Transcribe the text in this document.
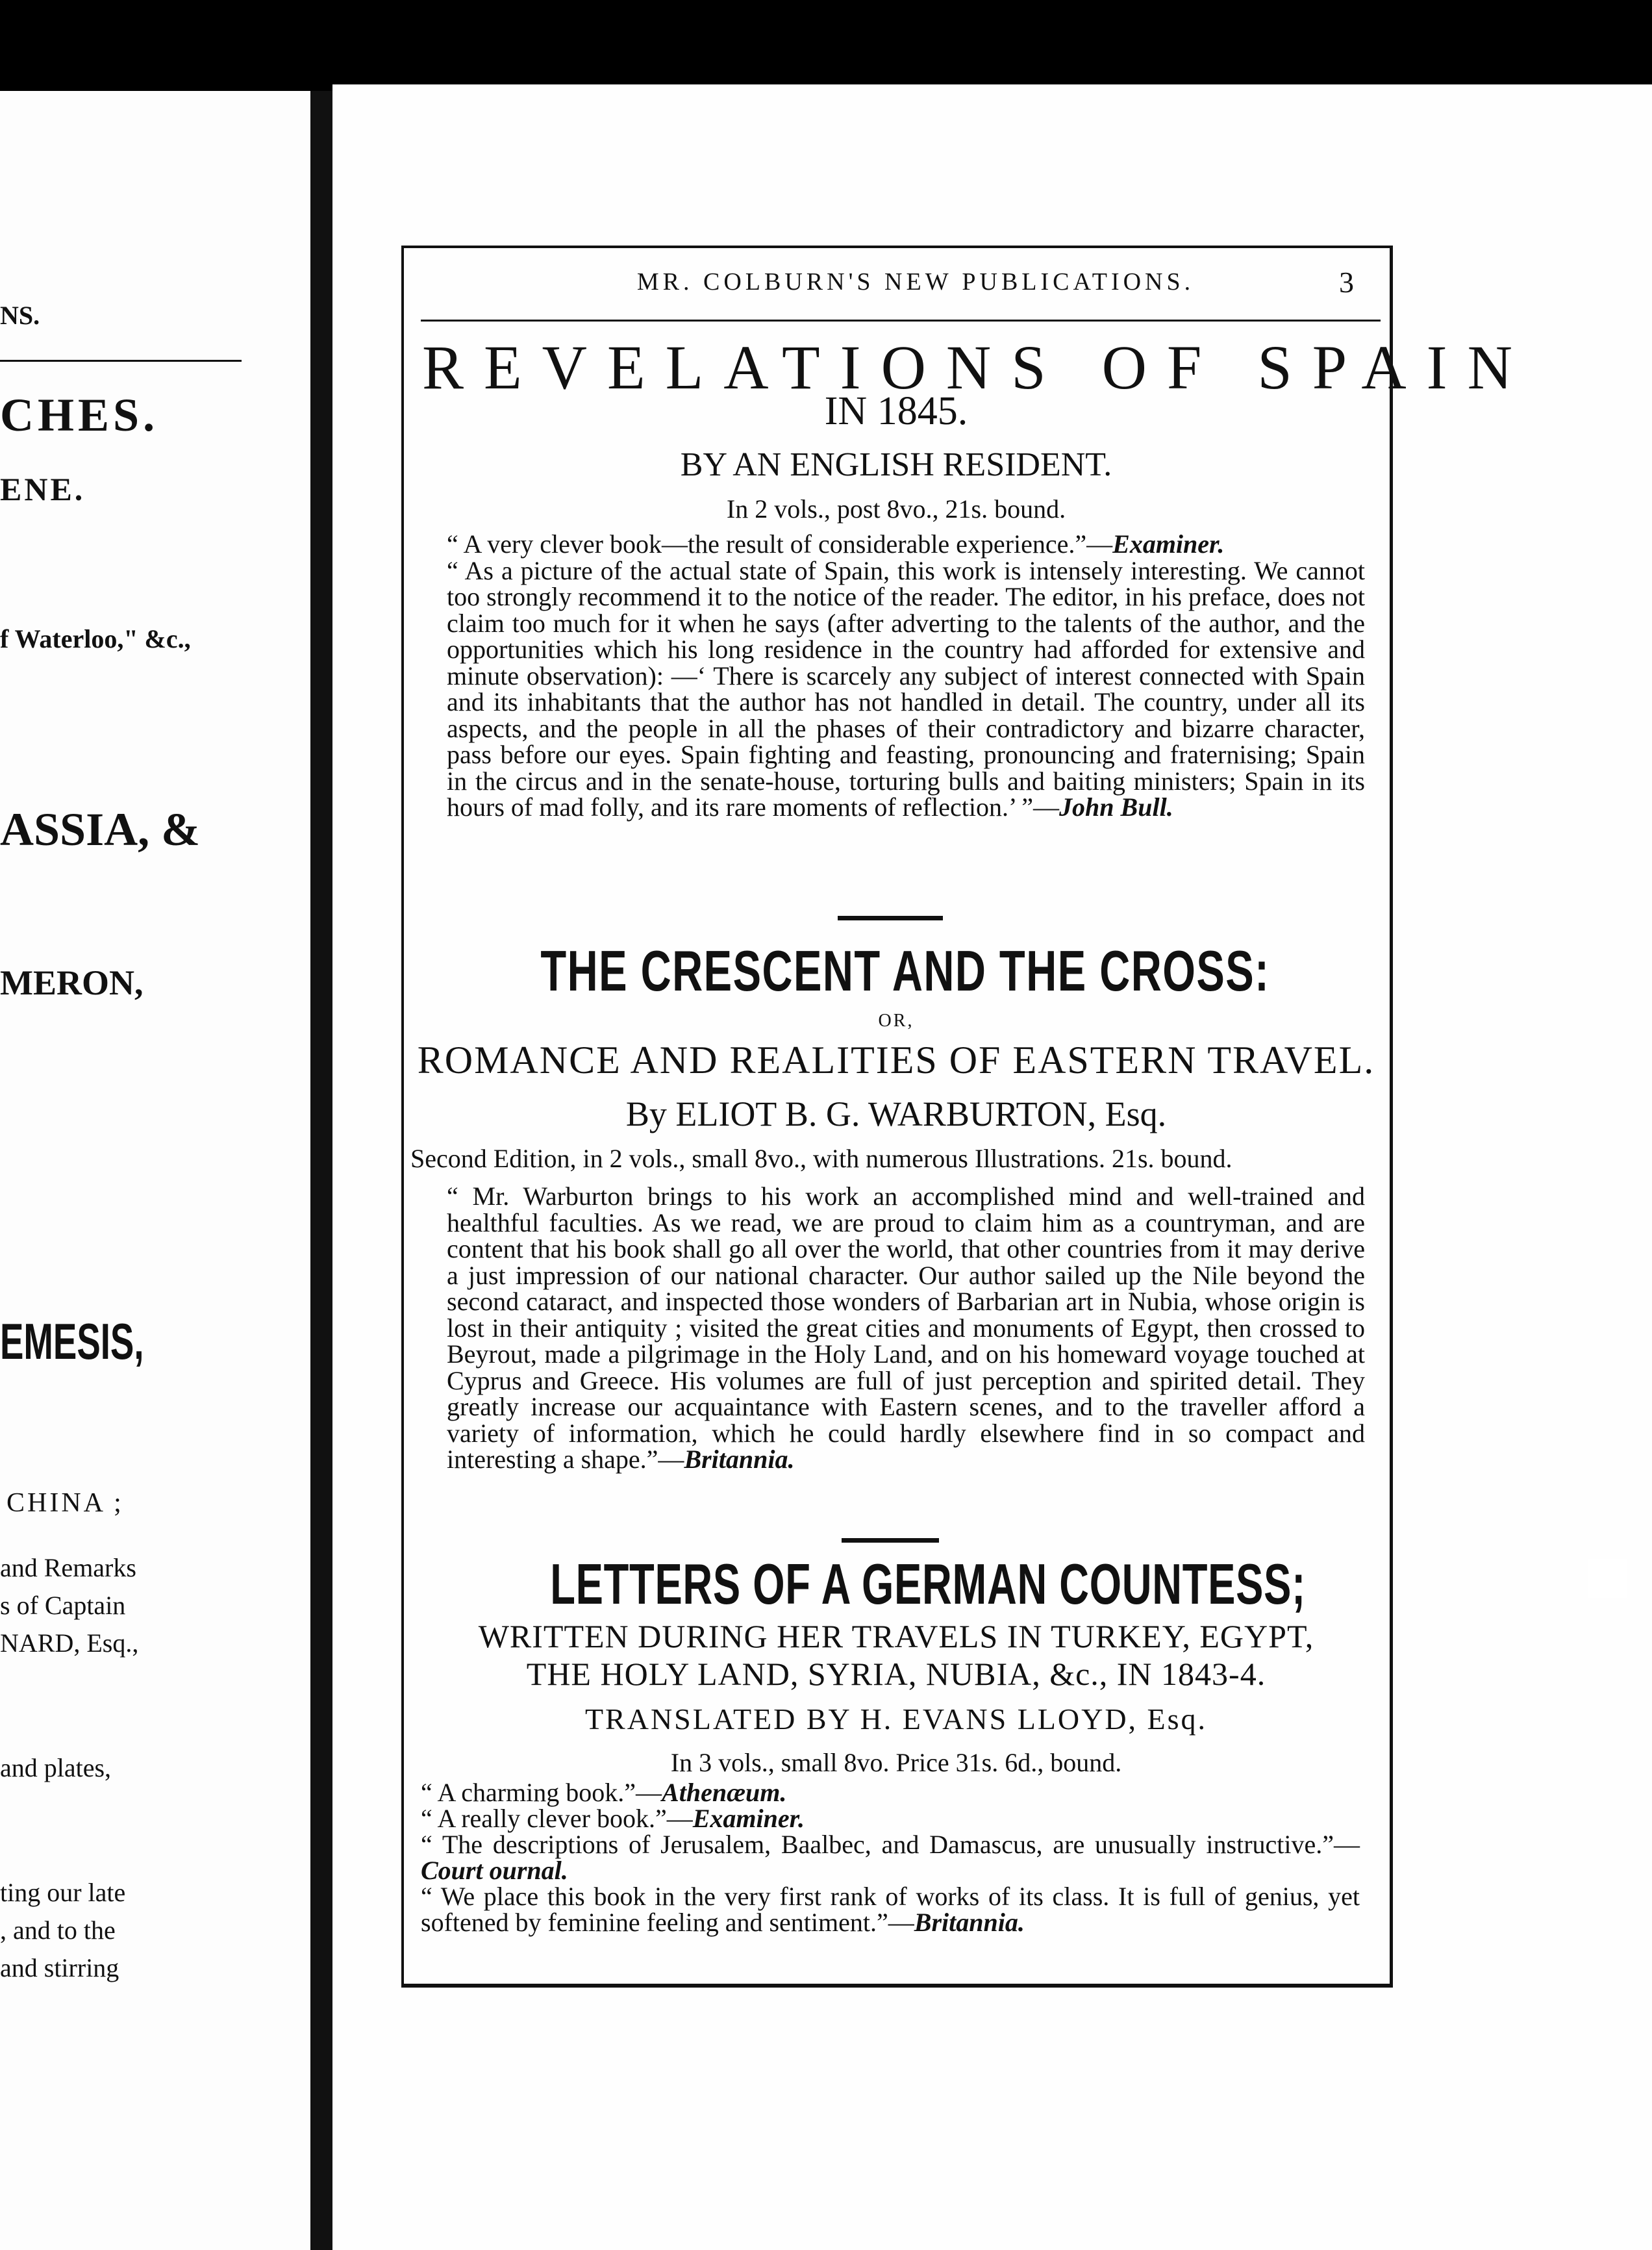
NS.
CHES.
ENE.
f Waterloo," &c.,
ASSIA, &
MERON,
EMESIS,
CHINA ;
and Remarks
s of Captain
NARD, Esq.,
and plates,
ting our late
, and to the
and stirring
MR. COLBURN'S NEW PUBLICATIONS.	3
REVELATIONS OF SPAIN
IN 1845.
BY AN ENGLISH RESIDENT.
In 2 vols., post 8vo., 21s. bound.
“ A very clever book—the result of considerable experience.”—Examiner.
“ As a picture of the actual state of Spain, this work is intensely interesting. We cannot too strongly recommend it to the notice of the reader. The editor, in his preface, does not claim too much for it when he says (after adverting to the talents of the author, and the opportunities which his long residence in the country had afforded for extensive and minute observation): —‘ There is scarcely any subject of interest connected with Spain and its inhabitants that the author has not handled in detail. The country, under all its aspects, and the people in all the phases of their contradictory and bizarre character, pass before our eyes. Spain fighting and feasting, pronouncing and fraternising; Spain in the circus and in the senate-house, torturing bulls and baiting ministers; Spain in its hours of mad folly, and its rare moments of reflection.’ ”—John Bull.
THE CRESCENT AND THE CROSS:
OR,
ROMANCE AND REALITIES OF EASTERN TRAVEL.
By ELIOT B. G. WARBURTON, Esq.
Second Edition, in 2 vols., small 8vo., with numerous Illustrations. 21s. bound.
“ Mr. Warburton brings to his work an accomplished mind and well-trained and healthful faculties. As we read, we are proud to claim him as a countryman, and are content that his book shall go all over the world, that other countries from it may derive a just impression of our national character. Our author sailed up the Nile beyond the second cataract, and inspected those wonders of Barbarian art in Nubia, whose origin is lost in their antiquity ; visited the great cities and monuments of Egypt, then crossed to Beyrout, made a pilgrimage in the Holy Land, and on his homeward voyage touched at Cyprus and Greece. His volumes are full of just perception and spirited detail. They greatly increase our acquaintance with Eastern scenes, and to the traveller afford a variety of information, which he could hardly elsewhere find in so compact and interesting a shape.”—Britannia.
LETTERS OF A GERMAN COUNTESS;
WRITTEN DURING HER TRAVELS IN TURKEY, EGYPT,
THE HOLY LAND, SYRIA, NUBIA, &c., IN 1843-4.
TRANSLATED BY H. EVANS LLOYD, Esq.
In 3 vols., small 8vo. Price 31s. 6d., bound.
“ A charming book.”—Athenæum.
“ A really clever book.”—Examiner.
“ The descriptions of Jerusalem, Baalbec, and Damascus, are unusually instructive.”—Court ournal.
“ We place this book in the very first rank of works of its class. It is full of genius, yet softened by feminine feeling and sentiment.”—Britannia.
